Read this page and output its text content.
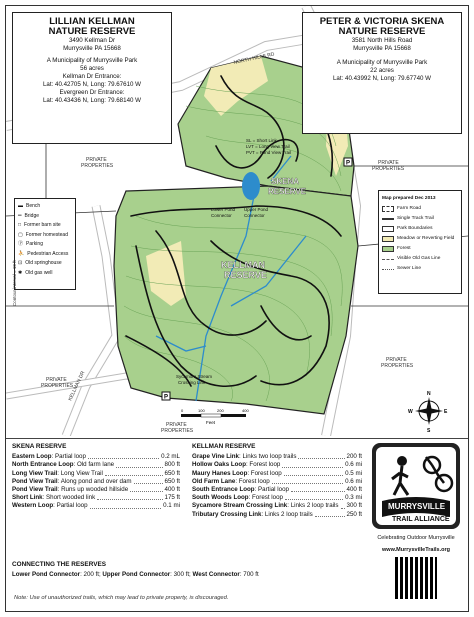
KELLMAN
RESERVE
SKENA
RESERVE
PRIVATE
PROPERTIES
PRIVATE
PROPERTIES
PRIVATE
PROPERTIES
PRIVATE
PROPERTIES
PRIVATE
PROPERTIES
NORTH HILLS RD
KELLMAN DR
Lower Pond
Connector
Upper Pond
Connector
Sycamore Stream
Crossing Link
LVT = Long View Trail
PVT = Pond View Trail
SL = Short Link
0	100	200	400
Feet
N
S
E
W
P
P
LILLIAN KELLMAN
NATURE RESERVE
3490 Kellman Dr
Murrysville PA 15668
A Municipality of Murrysville Park
56 acres
Kellman Dr Entrance:
Lat: 40.42705 N, Long: 79.67610 W
Evergreen Dr Entrance:
Lat: 40.43436 N, Long: 79.68140 W
PETER & VICTORIA SKENA
NATURE RESERVE
3581 North Hills Road
Murrysville PA 15668
A Municipality of Murrysville Park
22 acres
Lat: 40.43992 N, Long: 79.67740 W
▬ Bench
═ Bridge
□ Former barn site
▢ Former homestead
Ⓟ Parking
⛹ Pedestrian Access
⊡ Old springhouse
✱ Old gas well
Map prepared Dec 2013
Farm Road
Single Track Trail
Park Boundaries
Meadow or Reverting Field
Forest
Visible Old Gas Line
Sewer Line
Contour interval = 10 ft
SKENA RESERVE
Eastern Loop : Partial loop	0.2 mL
North Entrance Loop : Old farm lane	800 ft
Long View Trail : Long View Trail	650 ft
Pond View Trail : Along pond and over dam	650 ft
Pond View Trail : Runs up wooded hillside	400 ft
Short Link : Short wooded link	175 ft
Western Loop : Partial loop	0.1 mi
KELLMAN RESERVE
Grape Vine Link : Links two loop trails	200 ft
Hollow Oaks Loop : Forest loop	0.6 mi
Maury Hanes Loop : Forest loop	0.5 mi
Old Farm Lane : Forest loop	0.6 mi
South Entrance Loop : Partial loop	400 ft
South Woods Loop : Forest loop	0.3 mi
Sycamore Stream Crossing Link : Links 2 loop trails 300 ft
Tributary Crossing Link : Links 2 loop trails	250 ft
CONNECTING THE RESERVES
Lower Pond Connector: 200 ft; Upper Pond Connector: 300 ft; West Connector: 700 ft
Note: Use of unauthorized trails, which may lead to private property, is discouraged.
MURRYSVILLE
TRAIL ALLIANCE
Celebrating Outdoor Murrysville
www.MurrysvilleTrails.org
